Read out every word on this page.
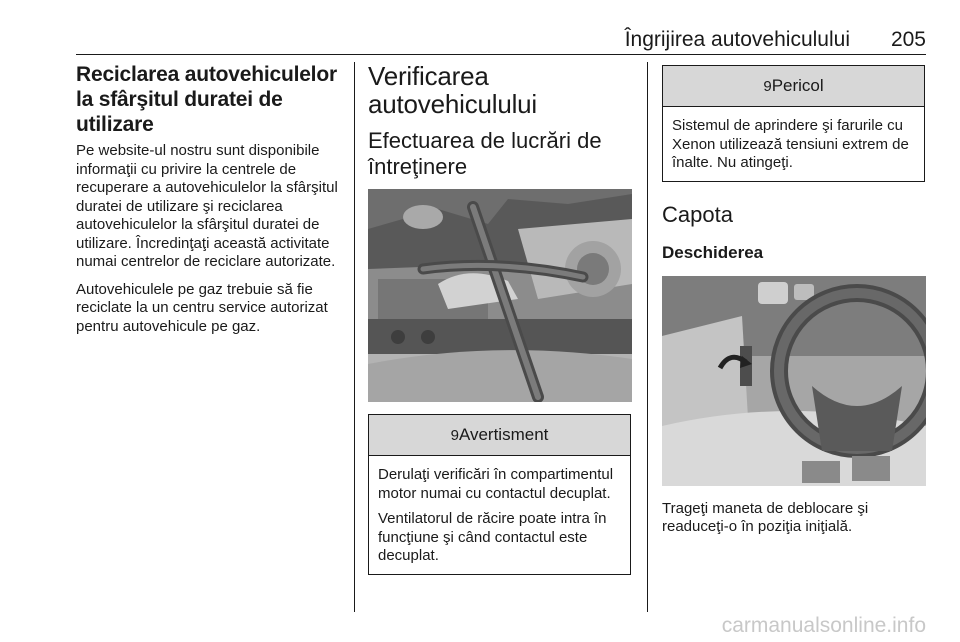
Îngrijirea autovehiculului	205
Reciclarea autovehiculelor la sfârşitul duratei de utilizare

Pe website-ul nostru sunt disponibile informaţii cu privire la centrele de recuperare a autovehiculelor la sfârşitul duratei de utilizare şi reciclarea autovehiculelor la sfârşitul duratei de utilizare. Încredinţaţi această activitate numai centrelor de reciclare autorizate.

Autovehiculele pe gaz trebuie să fie reciclate la un centru service autorizat pentru autovehicule pe gaz.

Verificarea autovehiculului
Efectuarea de lucrări de întreţinere
9Avertisment

Derulaţi verificări în compartimentul motor numai cu contactul decuplat.

Ventilatorul de răcire poate intra în funcţiune şi când contactul este decuplat.

9Pericol

Sistemul de aprindere şi farurile cu Xenon utilizează tensiuni extrem de înalte. Nu atingeţi.

Capota
Deschiderea

Trageţi maneta de deblocare şi readuceţi-o în poziţia iniţială.

carmanualsonline.info
